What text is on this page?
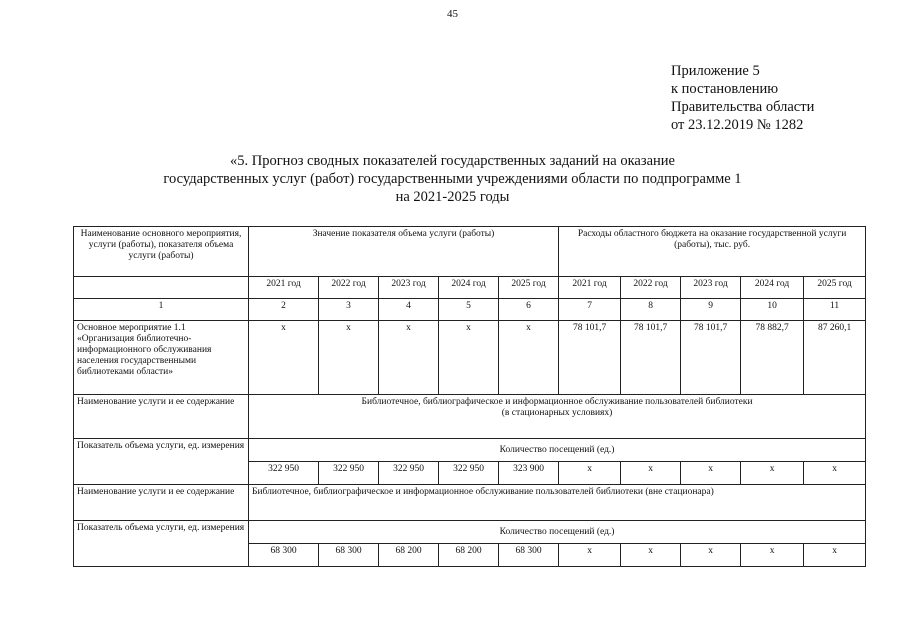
45
Приложение 5
к постановлению
Правительства области
от 23.12.2019 № 1282
«5. Прогноз сводных показателей государственных заданий на оказание
государственных услуг (работ) государственными учреждениями области по подпрограмме 1
на 2021-2025 годы
Наименование основного мероприятия, услуги (работы), показателя объема услуги (работы)	Значение показателя объема услуги (работы)					Расходы областного бюджета на оказание государственной услуги (работы), тыс. руб.				
	2021 год	2022 год	2023 год	2024 год	2025 год	2021 год	2022 год	2023 год	2024 год	2025 год
1	2	3	4	5	6	7	8	9	10	11
Основное мероприятие 1.1 «Организация библиотечно-информационного обслуживания населения государственными библиотеками области»	x	x	x	x	x	78 101,7	78 101,7	78 101,7	78 882,7	87 260,1
Наименование услуги и ее содержание	Библиотечное, библиографическое и информационное обслуживание пользователей библиотеки
(в стационарных условиях)									

Показатель объема услуги, ед. измерения	Количество посещений (ед.)									
	322 950	322 950	322 950	322 950	323 900	x	x	x	x	x
Наименование услуги и ее содержание	Библиотечное, библиографическое и информационное обслуживание пользователей библиотеки (вне стационара)									
Показатель объема услуги, ед. измерения	Количество посещений (ед.)									
	68 300	68 300	68 200	68 200	68 300	x	x	x	x	x
